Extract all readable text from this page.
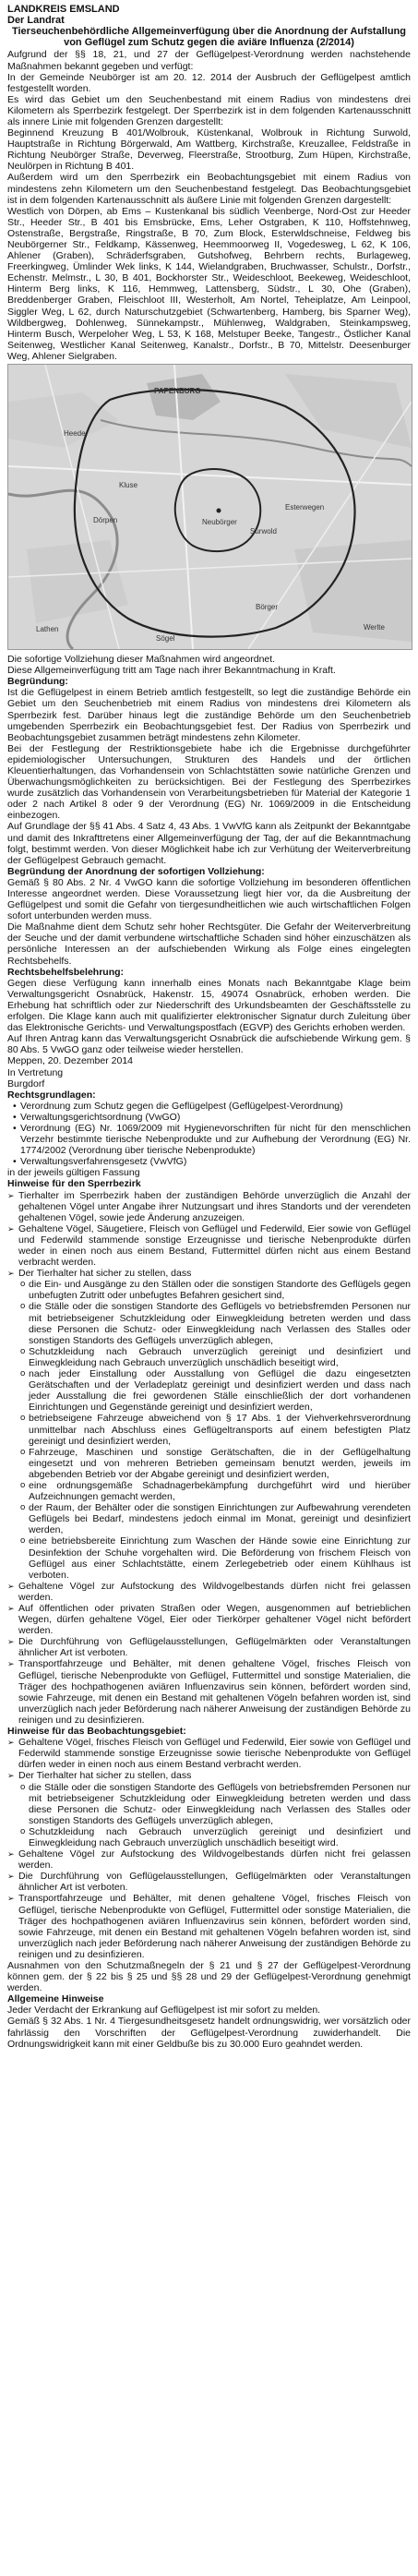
LANDKREIS EMSLAND

Der Landrat

Tierseuchenbehördliche Allgemeinverfügung über die Anordnung der Aufstallung von Geflügel zum Schutz gegen die aviäre Influenza (2/2014)

Aufgrund der §§ 18, 21, und 27 der Geflügelpest-Verordnung werden nachstehende Maßnahmen bekannt gegeben und verfügt:

In der Gemeinde Neubörger ist am 20. 12. 2014 der Ausbruch der Geflügelpest amtlich festgestellt worden.

Es wird das Gebiet um den Seuchenbestand mit einem Radius von mindestens drei Kilometern als Sperrbezirk festgelegt. Der Sperrbezirk ist in dem folgenden Kartenausschnitt als innere Linie mit folgenden Grenzen dargestellt:

Beginnend Kreuzung B 401/Wolbrouk, Küstenkanal, Wolbrouk in Richtung Surwold, Hauptstraße in Richtung Börgerwald, Am Wattberg, Kirchstraße, Kreuzallee, Feldstraße in Richtung Neubörger Straße, Deverweg, Fleerstraße, Strootburg, Zum Hüpen, Kirchstraße, Neulörpen in Richtung B 401.

Außerdem wird um den Sperrbezirk ein Beobachtungsgebiet mit einem Radius von mindestens zehn Kilometern um den Seuchenbestand festgelegt. Das Beobachtungsgebiet ist in dem folgenden Kartenausschnitt als äußere Linie mit folgenden Grenzen dargestellt:

Westlich von Dörpen, ab Ems – Kustenkanal bis südlich Veenberge, Nord-Ost zur Heeder Str., Heeder Str., B 401 bis Emsbrücke, Ems, Leher Ostgraben, K 110, Hoffstehnweg, Ostenstraße, Bergstraße, Ringstraße, B 70, Zum Block, Esterwldschneise, Feldweg bis Neubörgerner Str., Feldkamp, Kässenweg, Heemmoorweg II, Vogedesweg, L 62, K 106, Ahlener (Graben), Schräderfsgraben, Gutshofweg, Behrbern rechts, Burlageweg, Freerkingweg, Ümlinder Wek links, K 144, Wielandgraben, Bruchwasser, Schulstr., Dorfstr., Echenstr. Melmstr., L 30, B 401, Bockhorster Str., Weideschloot, Beekeweg, Weideschloot, Hinterm Berg links, K 116, Hemmweg, Lattensberg, Südstr., L 30, Ohe (Graben), Breddenberger Graben, Fleischloot III, Westerholt, Am Nortel, Teheiplatze, Am Leinpool, Siggler Weg, L 62, durch Naturschutzgebiet (Schwartenberg, Hamberg, bis Sparner Weg), Wildbergweg, Dohlenweg, Sünnekampstr., Mühlenweg, Waldgraben, Steinkampsweg, Hinterm Busch, Werpeloher Weg, L 53, K 168, Melstuper Beeke, Tangestr., Östlicher Kanal Seitenweg, Westlicher Kanal Seitenweg, Kanalstr., Dorfstr., B 70, Mittelstr. Deesenburger Weg, Ahlener Sielgraben.

PAPENBURG
Esterwegen
Surwold
Börger
Lathen
Dörpen
Sögel
Werlte
Neubörger
Kluse
Heede

Die sofortige Vollziehung dieser Maßnahmen wird angeordnet.

Diese Allgemeinverfügung tritt am Tage nach ihrer Bekanntmachung in Kraft.

Begründung:

Ist die Geflügelpest in einem Betrieb amtlich festgestellt, so legt die zuständige Behörde ein Gebiet um den Seuchenbetrieb mit einem Radius von mindestens drei Kilometern als Sperrbezirk fest. Darüber hinaus legt die zuständige Behörde um den Seuchenbetrieb umgebenden Sperrbezirk ein Beobachtungsgebiet fest. Der Radius von Sperrbezirk und Beobachtungsgebiet zusammen beträgt mindestens zehn Kilometer.

Bei der Festlegung der Restriktionsgebiete habe ich die Ergebnisse durchgeführter epidemiologischer Untersuchungen, Strukturen des Handels und der örtlichen Kleuentierhaltungen, das Vorhandensein von Schlachtstätten sowie natürliche Grenzen und Überwachungsmöglichkeiten zu berücksichtigen. Bei der Festlegung des Sperrbezirkes wurde zusätzlich das Vorhandensein von Verarbeitungsbetrieben für Material der Kategorie 1 oder 2 nach Artikel 8 oder 9 der Verordnung (EG) Nr. 1069/2009 in die Entscheidung einbezogen.

Auf Grundlage der §§ 41 Abs. 4 Satz 4, 43 Abs. 1 VwVfG kann als Zeitpunkt der Bekanntgabe und damit des Inkrafttretens einer Allgemeinverfügung der Tag, der auf die Bekanntmachung folgt, bestimmt werden. Von dieser Möglichkeit habe ich zur Verhütung der Weiterverbreitung der Geflügelpest Gebrauch gemacht.

Begründung der Anordnung der sofortigen Vollziehung:

Gemäß § 80 Abs. 2 Nr. 4 VwGO kann die sofortige Vollziehung im besonderen öffentlichen Interesse angeordnet werden. Diese Voraussetzung liegt hier vor, da die Ausbreitung der Geflügelpest und somit die Gefahr von tiergesundheitlichen wie auch wirtschaftlichen Folgen sofort unterbunden werden muss.

Die Maßnahme dient dem Schutz sehr hoher Rechtsgüter. Die Gefahr der Weiterverbreitung der Seuche und der damit verbundene wirtschaftliche Schaden sind höher einzuschätzen als persönliche Interessen an der aufschiebenden Wirkung als Folge eines eingelegten Rechtsbehelfs.

Rechtsbehelfsbelehrung:

Gegen diese Verfügung kann innerhalb eines Monats nach Bekanntgabe Klage beim Verwaltungsgericht Osnabrück, Hakenstr. 15, 49074 Osnabrück, erhoben werden. Die Erhebung hat schriftlich oder zur Niederschrift des Urkundsbeamten der Geschäftsstelle zu erfolgen. Die Klage kann auch mit qualifizierter elektronischer Signatur durch Zuleitung über das Elektronische Gerichts- und Verwaltungspostfach (EGVP) des Gerichts erhoben werden.

Auf Ihren Antrag kann das Verwaltungsgericht Osnabrück die aufschiebende Wirkung gem. § 80 Abs. 5 VwGO ganz oder teilweise wieder herstellen.

Meppen, 20. Dezember 2014

In Vertretung

Burgdorf

Rechtsgrundlagen:

• Verordnung zum Schutz gegen die Geflügelpest (Geflügelpest-Verordnung)
• Verwaltungsgerichtsordnung (VwGO)
• Verordnung (EG) Nr. 1069/2009 mit Hygienevorschriften für nicht für den menschlichen Verzehr bestimmte tierische Nebenprodukte und zur Aufhebung der Verordnung (EG) Nr. 1774/2002 (Verordnung über tierische Nebenprodukte)
• Verwaltungsverfahrensgesetz (VwVfG)

in der jeweils gültigen Fassung

Hinweise für den Sperrbezirk

➢ Tierhalter im Sperrbezirk haben der zuständigen Behörde unverzüglich die Anzahl der gehaltenen Vögel unter Angabe ihrer Nutzungsart und ihres Standorts und der verendeten gehaltenen Vögel, sowie jede Änderung anzuzeigen.
➢ Gehaltene Vögel, Säugetiere, Fleisch von Geflügel und Federwild, Eier sowie von Geflügel und Federwild stammende sonstige Erzeugnisse und tierische Nebenprodukte dürfen weder in einen noch aus einem Bestand, Futtermittel dürfen nicht aus einem Bestand verbracht werden.
➢ Der Tierhalter hat sicher zu stellen, dass
o die Ein- und Ausgänge zu den Ställen oder die sonstigen Standorte des Geflügels gegen unbefugten Zutritt oder unbefugtes Befahren gesichert sind,
o die Ställe oder die sonstigen Standorte des Geflügels vo betriebsfremden Personen nur mit betriebseigener Schutzkleidung oder Einwegkleidung betreten werden und dass diese Personen die Schutz- oder Einwegkleidung nach Verlassen des Stalles oder sonstigen Standorts des Geflügels unverzüglich ablegen,
o Schutzkleidung nach Gebrauch unverzüglich gereinigt und desinfiziert und Einwegkleidung nach Gebrauch unverzüglich unschädlich beseitigt wird,
o nach jeder Einstallung oder Ausstallung von Geflügel die dazu eingesetzten Gerätschaften und der Verladeplatz gereinigt und desinfiziert werden und dass nach jeder Ausstallung die frei gewordenen Ställe einschließlich der dort vorhandenen Einrichtungen und Gegenstände gereinigt und desinfiziert werden,
o betriebseigene Fahrzeuge abweichend von § 17 Abs. 1 der Viehverkehrsverordnung unmittelbar nach Abschluss eines Geflügeltransports auf einem befestigten Platz gereinigt und desinfiziert werden,
o Fahrzeuge, Maschinen und sonstige Gerätschaften, die in der Geflügelhaltung eingesetzt und von mehreren Betrieben gemeinsam benutzt werden, jeweils im abgebenden Betrieb vor der Abgabe gereinigt und desinfiziert werden,
o eine ordnungsgemäße Schadnagerbekämpfung durchgeführt wird und hierüber Aufzeichnungen gemacht werden,
o der Raum, der Behälter oder die sonstigen Einrichtungen zur Aufbewahrung verendeten Geflügels bei Bedarf, mindestens jedoch einmal im Monat, gereinigt und desinfiziert werden,
o eine betriebsbereite Einrichtung zum Waschen der Hände sowie eine Einrichtung zur Desinfektion der Schuhe vorgehalten wird. Die Beförderung von frischem Fleisch von Geflügel aus einer Schlachtstätte, einem Zerlegebetrieb oder einem Kühlhaus ist verboten.
➢ Gehaltene Vögel zur Aufstockung des Wildvogelbestands dürfen nicht frei gelassen werden.
➢ Auf öffentlichen oder privaten Straßen oder Wegen, ausgenommen auf betrieblichen Wegen, dürfen gehaltene Vögel, Eier oder Tierkörper gehaltener Vögel nicht befördert werden.
➢ Die Durchführung von Geflügelausstellungen, Geflügelmärkten oder Veranstaltungen ähnlicher Art ist verboten.
➢ Transportfahrzeuge und Behälter, mit denen gehaltene Vögel, frisches Fleisch von Geflügel, tierische Nebenprodukte von Geflügel, Futtermittel und sonstige Materialien, die Träger des hochpathogenen aviären Influenzavirus sein können, befördert worden sind, sowie Fahrzeuge, mit denen ein Bestand mit gehaltenen Vögeln befahren worden ist, sind unverzüglich nach jeder Beförderung nach näherer Anweisung der zuständigen Behörde zu reinigen und zu desinfizieren.

Hinweise für das Beobachtungsgebiet:

➢ Gehaltene Vögel, frisches Fleisch von Geflügel und Federwild, Eier sowie von Geflügel und Federwild stammende sonstige Erzeugnisse sowie tierische Nebenprodukte von Geflügel dürfen weder in einen noch aus einem Bestand verbracht werden.
➢ Der Tierhalter hat sicher zu stellen, dass
o die Ställe oder die sonstigen Standorte des Geflügels von betriebsfremden Personen nur mit betriebseigener Schutzkleidung oder Einwegkleidung betreten werden und dass diese Personen die Schutz- oder Einwegkleidung nach Verlassen des Stalles oder sonstigen Standorts des Geflügels unverzüglich ablegen,
o Schutzkleidung nach Gebrauch unverzüglich gereinigt und desinfiziert und Einwegkleidung nach Gebrauch unverzüglich unschädlich beseitigt wird.
➢ Gehaltene Vögel zur Aufstockung des Wildvogelbestands dürfen nicht frei gelassen werden.
➢ Die Durchführung von Geflügelausstellungen, Geflügelmärkten oder Veranstaltungen ähnlicher Art ist verboten.
➢ Transportfahrzeuge und Behälter, mit denen gehaltene Vögel, frisches Fleisch von Geflügel, tierische Nebenprodukte von Geflügel, Futtermittel oder sonstige Materialien, die Träger des hochpathogenen aviären Influenzavirus sein können, befördert worden sind, sowie Fahrzeuge, mit denen ein Bestand mit gehaltenen Vögeln befahren worden ist, sind unverzüglich nach jeder Beförderung nach näherer Anweisung der zuständigen Behörde zu reinigen und zu desinfizieren.

Ausnahmen von den Schutzmaßnegeln der § 21 und § 27 der Geflügelpest-Verordnung können gem. der § 22 bis § 25 und §§ 28 und 29 der Geflügelpest-Verordnung genehmigt werden.

Allgemeine Hinweise

Jeder Verdacht der Erkrankung auf Geflügelpest ist mir sofort zu melden.

Gemäß § 32 Abs. 1 Nr. 4 Tiergesundheitsgesetz handelt ordnungswidrig, wer vorsätzlich oder fahrlässig den Vorschriften der Geflügelpest-Verordnung zuwiderhandelt. Die Ordnungswidrigkeit kann mit einer Geldbuße bis zu 30.000 Euro geahndet werden.
